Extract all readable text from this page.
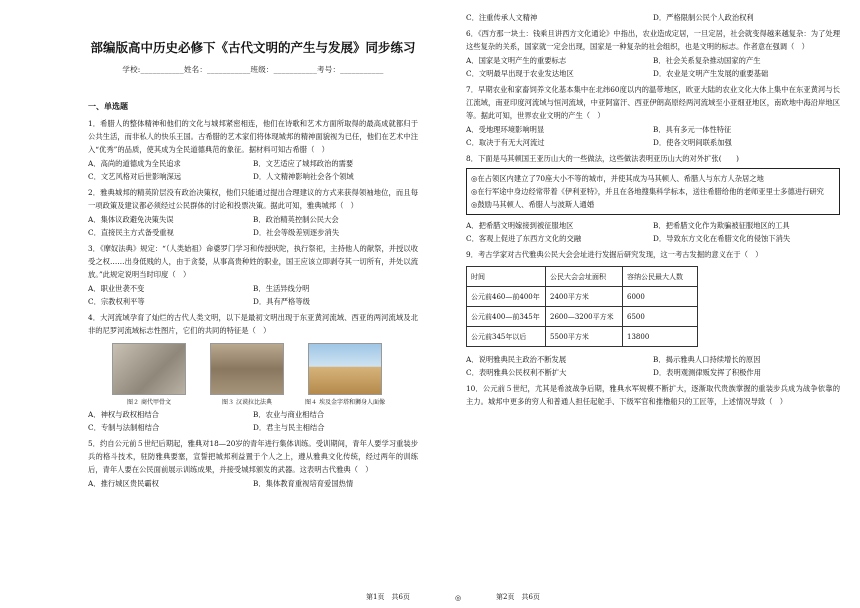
部编版高中历史必修下《古代文明的产生与发展》同步练习
学校:___________姓名：___________班级：___________考号：___________
一、单选题

1．希腊人的整体精神和他们的文化与城邦紧密相连，他们在诗歌和艺术方面所取得的最高成就都归于公共生活，而非私人的快乐王国。古希腊的艺术家们将体现城邦的精神面貌视为已任，他们在艺术中注入“优秀”的品质，使其成为全民道德典范的象征。据材料可知古希腊（　）

A．高尚的道德成为全民追求	B．文艺适应了城邦政治的需要
C．文艺风格对后世影响深远	D．人文精神影响社会各个领域

2．雅典城邦的精英阶层没有政治决策权，他们只能通过提出合理建议的方式来获得领袖地位，而且每一项政策及建议都必须经过公民群体的讨论和投票决策。据此可知，雅典城邦（　）

A．集体议政避免决策失误	B．政治精英控制公民大会
C．直接民主方式备受重视	D．社会等级差别逐步消失

3．《摩奴法典》规定：“（人类始祖）命婆罗门学习和传授吠陀，执行祭祀，主持他人的献祭，并授以收受之权……出身低贱的人，由于贪婪，从事高贵种姓的职业，国王应该立即剥夺其一切所有，并处以流放。”此规定说明当时印度（　）

A．职业世袭不变	B．生活异线分明
C．宗教权利平等	D．具有严格等级

4．大河流域孕育了灿烂的古代人类文明，以下是最初文明出现于东亚黄河流域、西亚的两河流域及北非的尼罗河流域标志性图片，它们的共同的特征是（　）

图２ 商代甲骨文	图３ 汉谟拉比法典	图４ 埃及金字塔和狮身人面像
A．神权与政权相结合	B．农业与商业相结合
C．专制与法制相结合	D．君主与民主相结合

5．约自公元前５世纪后期起，雅典对18—20岁的青年进行集体训练。受训期间，青年人要学习重装步兵的格斗技术，驻防雅典要塞，宣誓把城邦利益置于个人之上，遵从雅典文化传统，经过两年的训练后，青年人要在公民面前展示训练成果，并接受城邦颁发的武器。这表明古代雅典（　）

A．推行城区贵民霸权	B．集体教育重视培育爱国热情
C．注重传承人文精神	D．严格限制公民个人政治权利

6．《西方那一块土：钱乘旦讲西方文化通论》中指出，农业造成定居，一旦定居，社会就变得越来越复杂：为了处理这些复杂的关系，国家就一定会出现，国家是一种复杂的社会组织，也是文明的标志。作者意在强调（　）

A．国家是文明产生的重要标志	B．社会关系复杂推动国家的产生
C．文明最早出现于农业发达地区	D．农业是文明产生发展的重要基础

7．早期农业和家畜饲养文化基本集中在北纬60度以内的温带地区，欧亚大陆的农业文化大体上集中在东亚黄河与长江流域，南亚印度河流域与恒河流域，中亚阿富汗、西亚伊朗高原经两河流域至小亚细亚地区，南欧地中海沿岸地区等。据此可知，世界农业文明的产生（　）

A．受地理环境影响明显	B．具有多元一体性特征
C．取决于有无大河流过	D．使各文明间联系加强

8．下面是马其顿国王亚历山大的一些做法，这些做法表明亚历山大的对外扩张(　　)

◎在占领区内建立了70座大小不等的城市，并使其成为马其顿人、希腊人与东方人杂居之地
◎在行军途中身边经常带着《伊利亚特》，并且在各地搜集科学标本，送往希腊给他的老师亚里士多德进行研究
◎鼓励马其顿人、希腊人与波斯人通婚
A．把希腊文明嫁接到被征服地区	B．把希腊文化作为欺骗被征服地区的工具
C．客观上促进了东西方文化的交融	D．导致东方文化在希腊文化的侵蚀下消失

9．考古学家对古代雅典公民大会会址进行发掘后研究发现，这一考古发掘的意义在于（　）

时间	公民大会会址面积	容纳公民最大人数
公元前460—前400年	2400平方米	6000
公元前400—前345年	2600—3200平方米	6500
公元前345年以后	5500平方米	13800
A．说明雅典民主政治不断发展	B．揭示雅典人口持续增长的原因
C．表明雅典公民权利不断扩大	D．表明观测律贩发挥了积极作用

10．公元前５世纪，尤其是希波战争后期，雅典水军规模不断扩大，逐渐取代贵族掌握的重装步兵成为战争依靠的主力。城邦中更多的穷人和普通人担任起舵手、下级军官和推橹船只的工匠等，上述情况导致（　）

第1页　共6页	◎	第2页　共6页
